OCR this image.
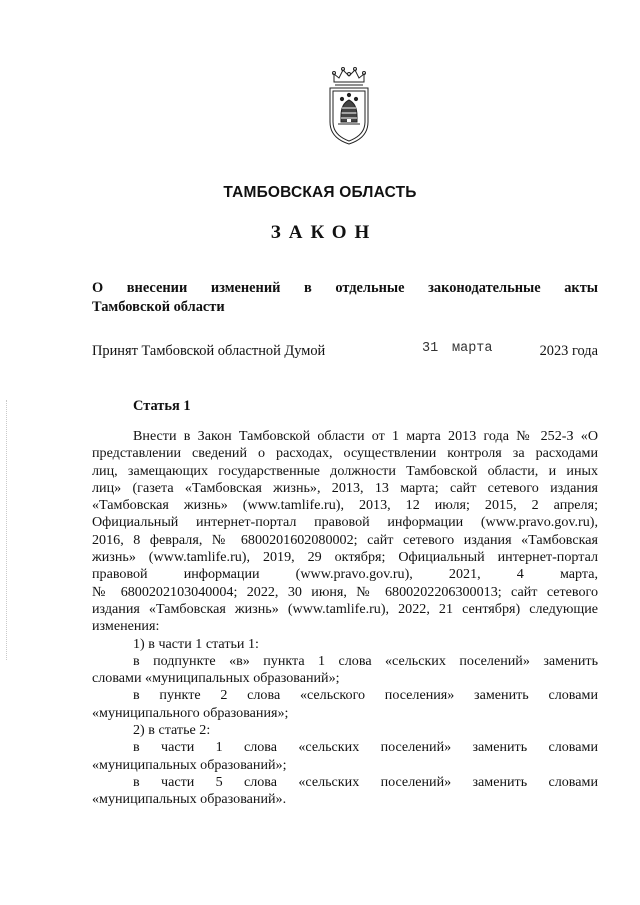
ТАМБОВСКАЯ ОБЛАСТЬ
ЗАКОН
О внесении изменений в отдельные законодательные акты
Тамбовской области
Принят Тамбовской областной Думой	31 марта	2023 года
Статья 1
Внести в Закон Тамбовской области от 1 марта 2013 года № 252-З «О
представлении сведений о расходах, осуществлении контроля за расходами
лиц, замещающих государственные должности Тамбовской области, и иных
лиц» (газета «Тамбовская жизнь», 2013, 13 марта; сайт сетевого издания
«Тамбовская жизнь» (www.tamlife.ru), 2013, 12 июля; 2015, 2 апреля;
Официальный интернет-портал правовой информации (www.pravo.gov.ru),
2016, 8 февраля, № 6800201602080002; сайт сетевого издания «Тамбовская
жизнь» (www.tamlife.ru), 2019, 29 октября; Официальный интернет-портал
правовой информации (www.pravo.gov.ru), 2021, 4 марта,
№ 6800202103040004; 2022, 30 июня, № 6800202206300013; сайт сетевого
издания «Тамбовская жизнь» (www.tamlife.ru), 2022, 21 сентября) следующие
изменения:
1) в части 1 статьи 1:
в подпункте «в» пункта 1 слова «сельских поселений» заменить
словами «муниципальных образований»;
в пункте 2 слова «сельского поселения» заменить словами
«муниципального образования»;
2) в статье 2:
в части 1 слова «сельских поселений» заменить словами
«муниципальных образований»;
в части 5 слова «сельских поселений» заменить словами
«муниципальных образований».
